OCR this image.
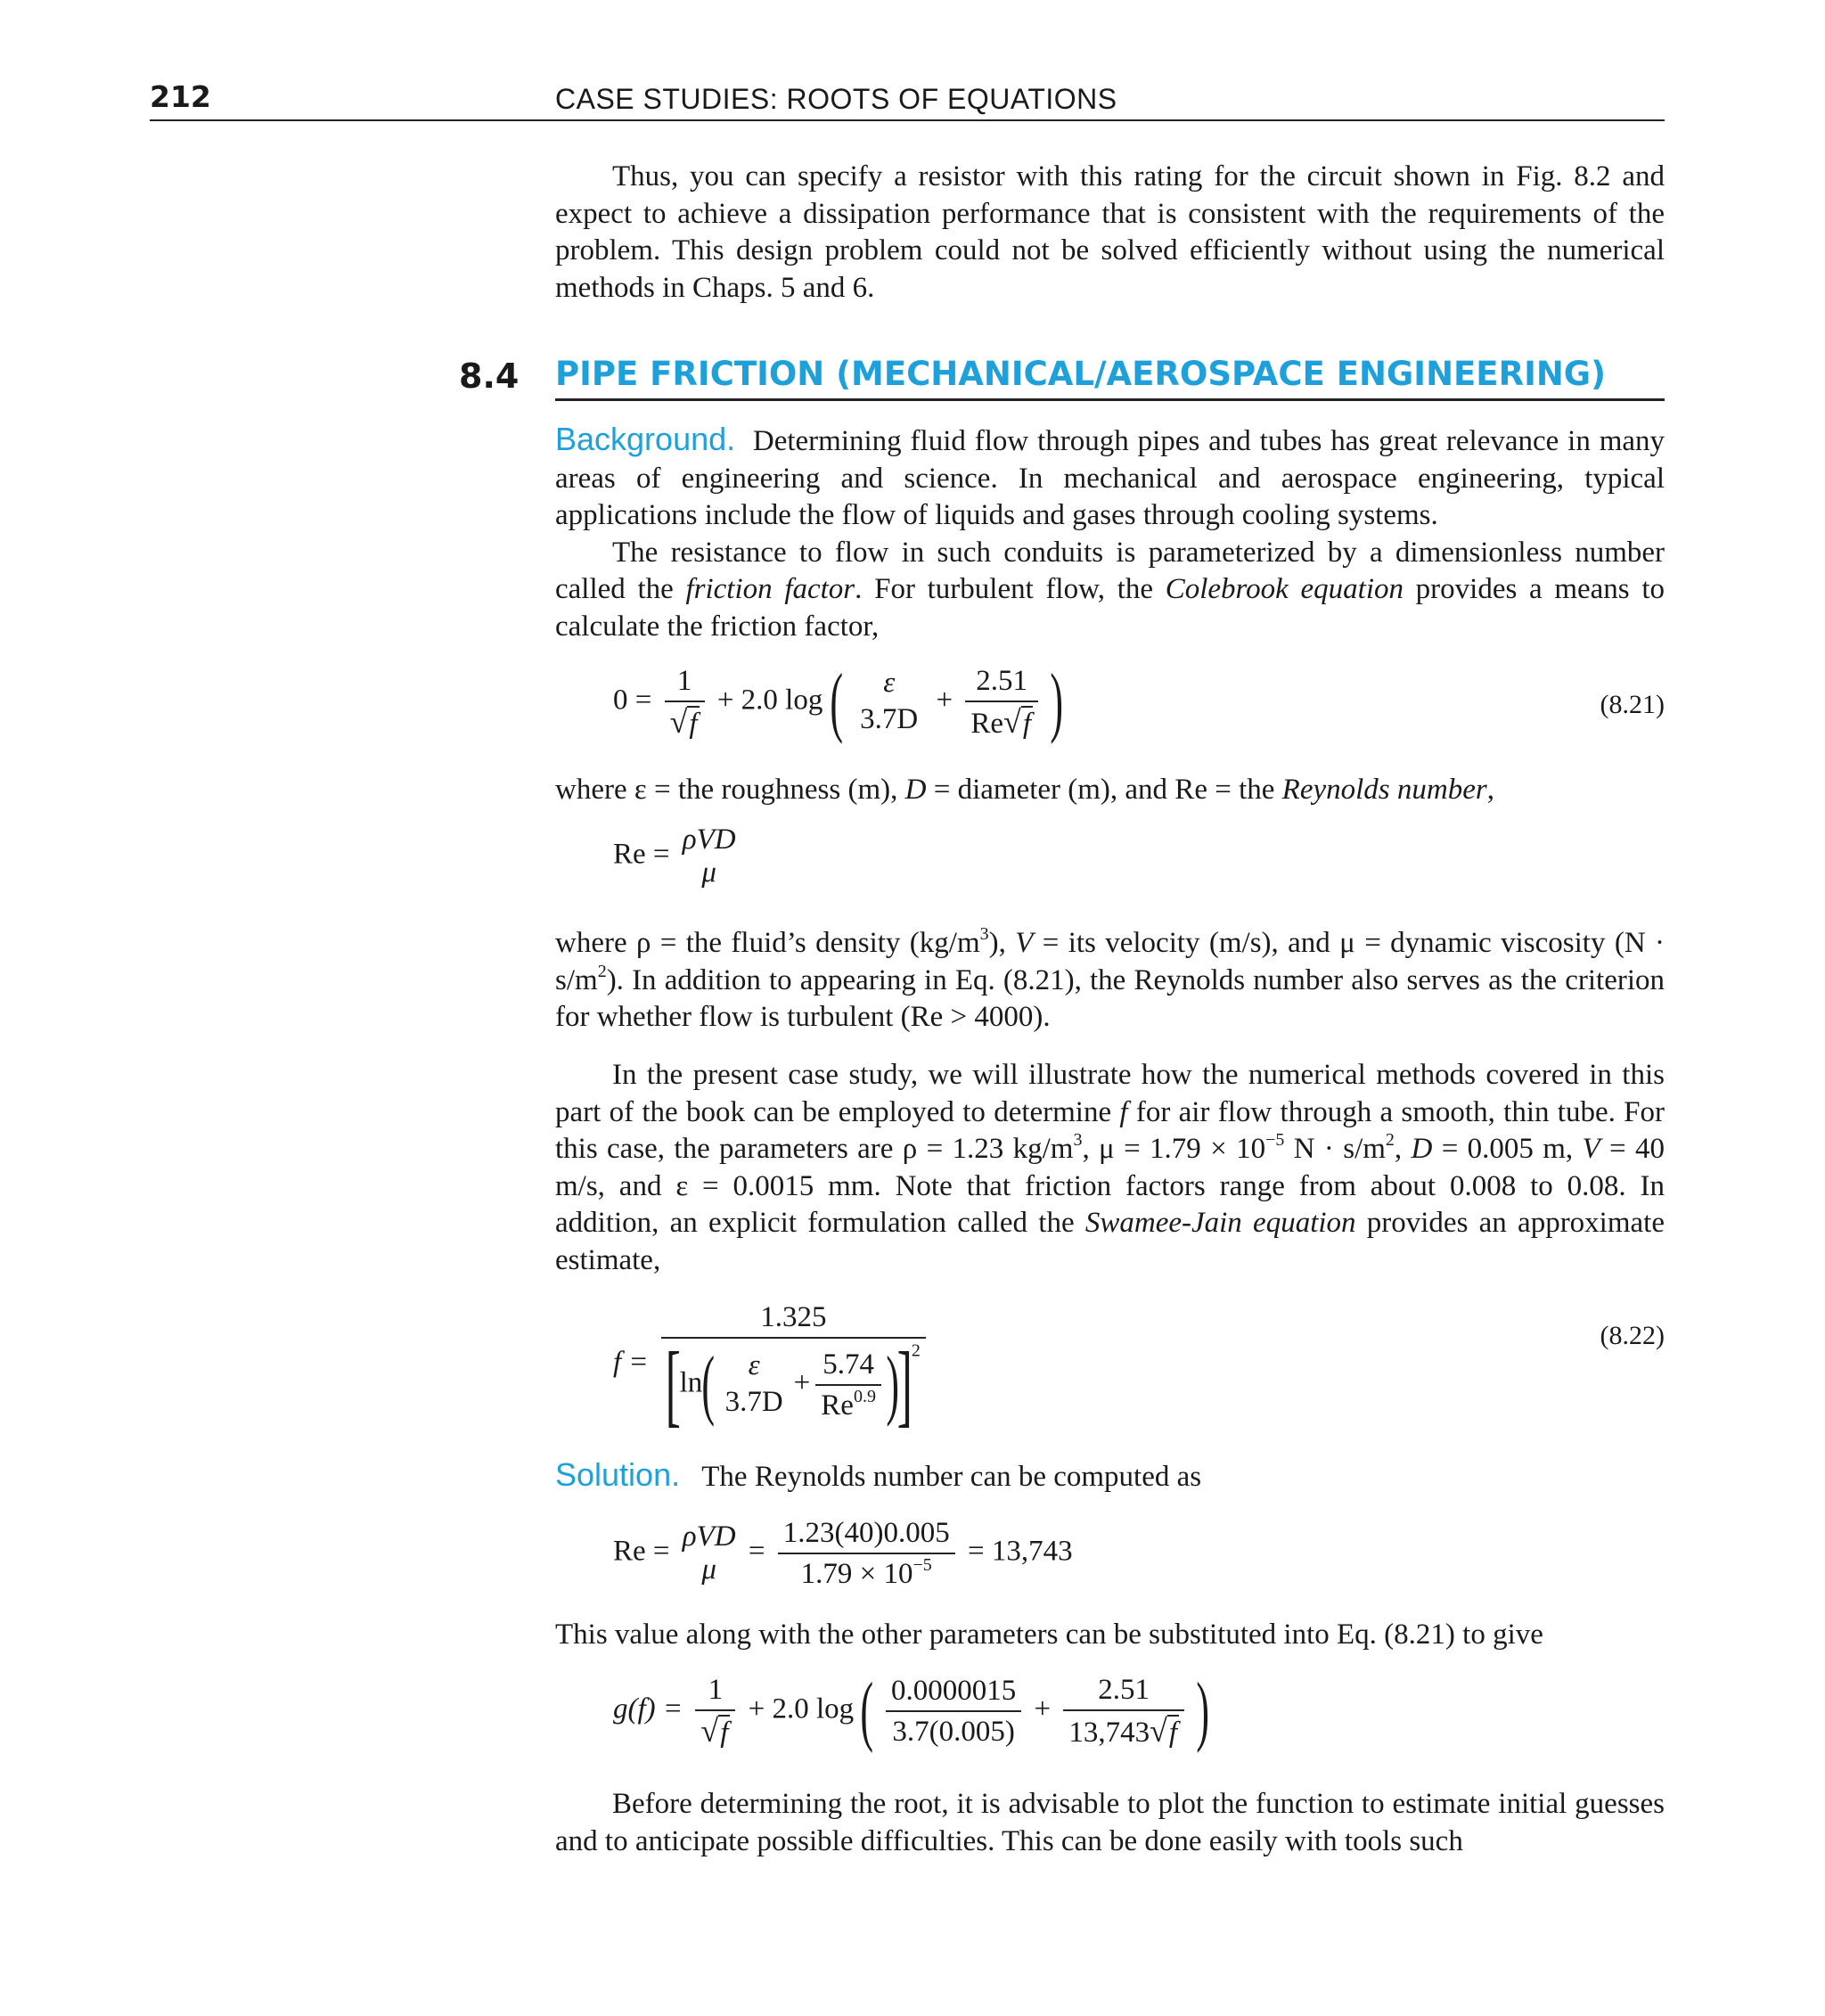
212	CASE STUDIES: ROOTS OF EQUATIONS

Thus, you can specify a resistor with this rating for the circuit shown in Fig. 8.2 and expect to achieve a dissipation performance that is consistent with the requirements of the problem. This design problem could not be solved efficiently without using the numerical methods in Chaps. 5 and 6.

8.4 PIPE FRICTION (MECHANICAL/AEROSPACE ENGINEERING)

Background. Determining fluid flow through pipes and tubes has great relevance in many areas of engineering and science. In mechanical and aerospace engineering, typical applications include the flow of liquids and gases through cooling systems.

The resistance to flow in such conduits is parameterized by a dimensionless number called the friction factor. For turbulent flow, the Colebrook equation provides a means to calculate the friction factor,

$0 = \frac{1}{√f} + 2.0$ log (	ε
3.7D
+ $\frac{2.51}{Re√f}$ )	(8.21)

where ε = the roughness (m), D = diameter (m), and Re = the Reynolds number,

Re = ρVD
μ

where ρ = the fluid’s density $(kg/m^3)$, V = its velocity (m/s), and μ = dynamic viscosity $(N \cdot s/m^2)$. In addition to appearing in Eq. (8.21), the Reynolds number also serves as the criterion for whether flow is turbulent (Re > 4000).

In the present case study, we will illustrate how the numerical methods covered in this part of the book can be employed to determine f for air flow through a smooth, thin tube. For this case, the parameters are ρ = 1.23 $kg/m^3$, $\mu = 1.79 \times 10^{-5}$ $N \cdot s/m^2$, D = 0.005 m, V = 40 m/s, and ε = 0.0015 mm. Note that friction factors range from about 0.008 to 0.08. In addition, an explicit formulation called the Swamee-Jain equation provides an approximate estimate,

f = 1.325
[ln(	ε
3.7D
+ $\frac{5.74}{Re^{0.9}} )]^2$	(8.22)

Solution. The Reynolds number can be computed as

Re = ρVD
μ
= $\frac{1.23(40)0.005}{1.79 \times 10^{-5}} = 13,743$

This value along with the other parameters can be substituted into Eq. (8.21) to give

$g(f) = \frac{1}{√f} + 2.0$ log ( $\frac{0.0000015}{3.7(0.005)} + \frac{2.51}{13,743√f}$ )

Before determining the root, it is advisable to plot the function to estimate initial guesses and to anticipate possible difficulties. This can be done easily with tools such
